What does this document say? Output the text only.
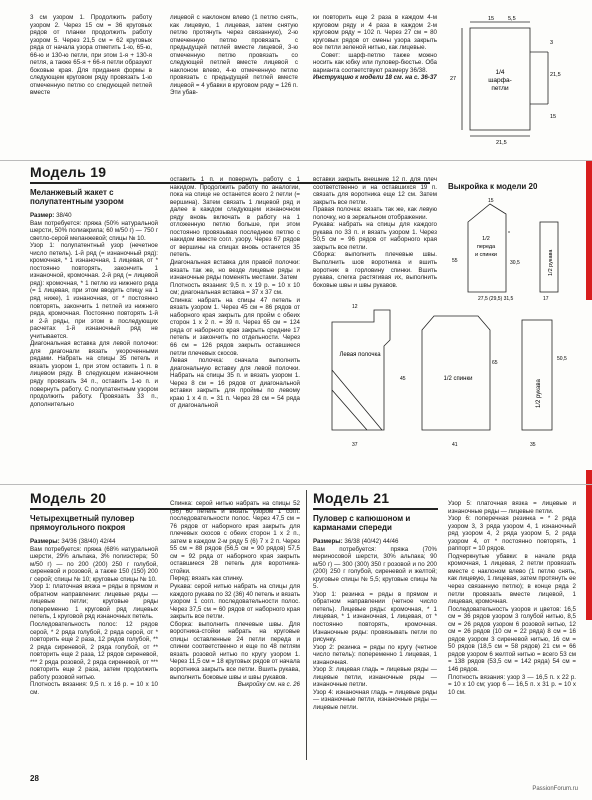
3 см узором 1. Продолжить работу узором 2. Через 15 см = 36 круговых рядов от планки продолжить работу узором 5. Через 21,5 см = 62 круговых ряда от начала узора отметить 1-ю, 65-ю, 66-ю и 130-ю петли, при этом 1-я + 130-я петля, а также 65-я + 66-я петли образуют боковые края. Для придания формы в следующем круговом ряду провязать 1-ю отмеченную петлю со следующей петлей вместе

лицевой с наклоном влево (1 петлю снять, как лицевую, 1 лицевая, затем снятую петлю протянуть через связанную), 2-ю отмеченную петлю провязать с предыдущей петлей вместе лицевой, 3-ю отмеченную петлю провязать со следующей петлей вместе лицевой с наклоном влево, 4-ю отмеченную петлю провязать с предыдущей петлей вместе лицевой = 4 убавки в круговом ряду = 126 п. Эти убав-

ки повторить еще 2 раза в каждом 4-м круговом ряду и 4 раза в каждом 2-м круговом ряду = 102 п. Через 27 см = 80 круговых рядов от смены узора закрыть все петли зеленой нитью, как лицевые.

Совет: шарф-петлю также можно носить как юбку или пуловер-бюстье. Оба варианта соответствуют размеру 36/38.

Инструкцию к модели 18 см. на с. 36-37

1/4
шарфа-
петли
15	5,5
27
3
21,5
15
21,5
Модель 19
Меланжевый жакет с полупатентным узором

Размер: 38/40

Вам потребуется: пряжа (50% натуральной шерсти, 50% полиакрила; 60 м/50 г) — 750 г светло-серой меланжевой; спицы № 10.

Узор 1: полупатентный узор (нечетное число петель). 1-й ряд (= изнаночный ряд): кромочная, * 1 изнаночная, 1 лицевая, от * постоянно повторять, закончить 1 изнаночной, кромочная. 2-й ряд (= лицевой ряд): кромочная, * 1 петлю из нижнего ряда (= 1 лицевая, при этом вводить спицу на 1 ряд ниже), 1 изнаночная, от * постоянно повторять, закончить 1 петлей из нижнего ряда, кромочная. Постоянно повторять 1-й и 2-й ряды, при этом в последующих расчетах 1-й изнаночный ряд не учитывается.

Диагональная вставка для левой полочки: для диагонали вязать укороченными рядами. Набрать на спицы 35 петель и вязать узором 1, при этом оставить 1 п. в лицевом ряду. В следующем изнаночном ряду провязать 34 п., оставить 1-ю п. и повернуть работу. С полупатентным узором продолжить работу. Провязать 33 п., дополнительно

оставить 1 п. и повернуть работу с 1 накидом. Продолжить работу по аналогии, пока на спице не останется всего 2 петли (= вершина). Затем связать 1 лицевой ряд и далее в каждом следующем изнаночном ряду вновь включать в работу на 1 отложенную петлю больше, при этом постоянно провязывая последнюю петлю с накидом вместе согл. узору. Через 67 рядов от вершины на спицах вновь останется 35 петель.

Диагональная вставка для правой полочки: вязать так же, но везде лицевые ряды и изнаночные ряды поменять местами. Затем

Плотность вязания: 9,5 п. х 19 р. = 10 х 10 см; диагональная вставка = 37 х 37 см.

Спинка: набрать на спицы 47 петель и вязать узором 1. Через 45 см = 86 рядов от наборного края закрыть для пройм с обеих сторон 1 х 2 п. = 39 п. Через 65 см = 124 ряда от наборного края закрыть средние 17 петель и закончить по отдельности. Через 66 см = 126 рядов закрыть оставшиеся петли плечевых скосов.

Левая полочка: сначала выполнить диагональную вставку для левой полочки. Набрать на спицы 35 п. и вязать узором 1. Через 8 см = 16 рядов от диагональной вставки закрыть для проймы по левому краю 1 х 4 п. = 31 п. Через 28 см = 54 ряда от диагональной

вставки закрыть внешние 12 п. для плеч соответственно и на оставшихся 19 п. связать для воротника еще 12 см. Затем закрыть все петли.

Правая полочка: вязать так же, как левую полочку, но в зеркальном отображении.

Рукава: набрать на спицы для каждого рукава по 33 п. и вязать узором 1. Через 50,5 см = 96 рядов от наборного края закрыть все петли.

Сборка: выполнить плечевые швы. Выполнить шов воротника и вшить воротник в горловину спинки. Вшить рукава, слегка растягивая их, выполнить боковые швы и швы рукавов.

Выкройка к модели 20
1/2
переда
и спинки	1/2 рукава
55	30,5
27,5 (29,5) 31,5	17
15
Левая полочка
1/2 спинки
1/2 рукава
12
45
37	41	35
50,5
65
Модель 20
Четырехцветный пуловер прямоугольного покроя

Размеры: 34/36 (38/40) 42/44

Вам потребуется: пряжа (68% натуральной шерсти, 29% альпака, 3% полиэстера; 50 м/50 г) — по 200 (200) 250 г голубой, сиреневой и розовой, а также 150 (150) 200 г серой; спицы № 10; круговые спицы № 10.

Узор 1: платочная вязка = ряды в прямом и обратном направлении: лицевые ряды — лицевые петли; круговые ряды попеременно 1 круговой ряд лицевых петель, 1 круговой ряд изнаночных петель.

Последовательность полос: 12 рядов серой, * 2 ряда голубой, 2 ряда серой, от * повторить еще 2 раза, 12 рядов голубой, ** 2 ряда сиреневой, 2 ряда голубой, от ** повторить еще 2 раза, 12 рядов сиреневой, *** 2 ряда розовой, 2 ряда сиреневой, от *** повторить еще 2 раза, затем продолжить работу розовой нитью.

Плотность вязания: 9,5 п. х 16 р. = 10 х 10 см.

Спинка: серой нитью набрать на спицы 52 (56) 60 петель и вязать узором 1 согл. последовательности полос. Через 47,5 см = 76 рядов от наборного края закрыть для плечевых скосов с обеих сторон 1 х 2 п., затем в каждом 2-м ряду 5 (6) 7 х 2 п. Через 55 см = 88 рядов (56,5 см = 90 рядов) 57,5 см = 92 ряда от наборного края закрыть оставшиеся 28 петель для воротника-стойки.

Перед: вязать как спинку.

Рукава: серой нитью набрать на спицы для каждого рукава по 32 (36) 40 петель и вязать узором 1 согл. последовательности полос. Через 37,5 см = 60 рядов от наборного края закрыть все петли.

Сборка: выполнить плечевые швы. Для воротника-стойки набрать на круговые спицы оставленные 24 петли переда и спинки соответственно и еще по 48 петлям вязать розовой нитью по кругу узором 1. Через 11,5 см = 18 круговых рядов от начала воротника закрыть все петли. Вшить рукава, выполнить боковые швы и швы рукавов.

Выкройку см. на с. 26

Модель 21
Пуловер с капюшоном и карманами спереди

Размеры: 36/38 (40/42) 44/46

Вам потребуется: пряжа (70% мериносовой шерсти, 30% альпака; 90 м/50 г) — 300 (300) 350 г розовой и по 200 (200) 250 г голубой, сиреневой и желтой; круговые спицы № 5,5; круговые спицы № 5.

Узор 1: резинка = ряды в прямом и обратном направлении (четное число петель). Лицевые ряды: кромочная, * 1 лицевая, * 1 изнаночная, 1 лицевая, от * постоянно повторять, кромочная. Изнаночные ряды: провязывать петли по рисунку.

Узор 2: резинка = ряды по кругу (четное число петель): попеременно 1 лицевая, 1 изнаночная.

Узор 3: лицевая гладь = лицевые ряды — лицевые петли, изнаночные ряды — изнаночные петли.

Узор 4: изнаночная гладь = лицевые ряды — изнаночные петли, изнаночные ряды — лицевые петли.

Узор 5: платочная вязка = лицевые и изнаночные ряды — лицевые петли.

Узор 6: поперечная резинка = * 2 ряда узором 3, 3 ряда узором 4, 1 изнаночный ряд узором 4, 2 ряда узором 5, 2 ряда узором 4, от * постоянно повторять, 1 раппорт = 10 рядов.

Подчеркнутые убавки: в начале ряда кромочная, 1 лицевая, 2 петли провязать вместе с наклоном влево (1 петлю снять, как лицевую, 1 лицевая, затем протянуть ее через связанную петлю); в конце ряда 2 петли провязать вместе лицевой, 1 лицевая, кромочная.

Последовательность узоров и цветов: 16,5 см = 36 рядов узором 3 голубой нитью, 8,5 см = 26 рядов узором 6 розовой нитью, 12 см = 26 рядов (10 см = 22 ряда) 8 см = 16 рядов узором 3 сиреневой нитью, 16 см = 50 рядов (18,5 см = 58 рядов) 21 см = 66 рядов узором 6 желтой нитью = всего 53 см = 138 рядов (53,5 см = 142 ряда) 54 см = 146 рядов.

Плотность вязания: узор 3 — 16,5 п. х 22 р. = 10 х 10 см; узор 6 — 16,5 п. х 31 р. = 10 х 10 см.

28
PassionForum.ru
